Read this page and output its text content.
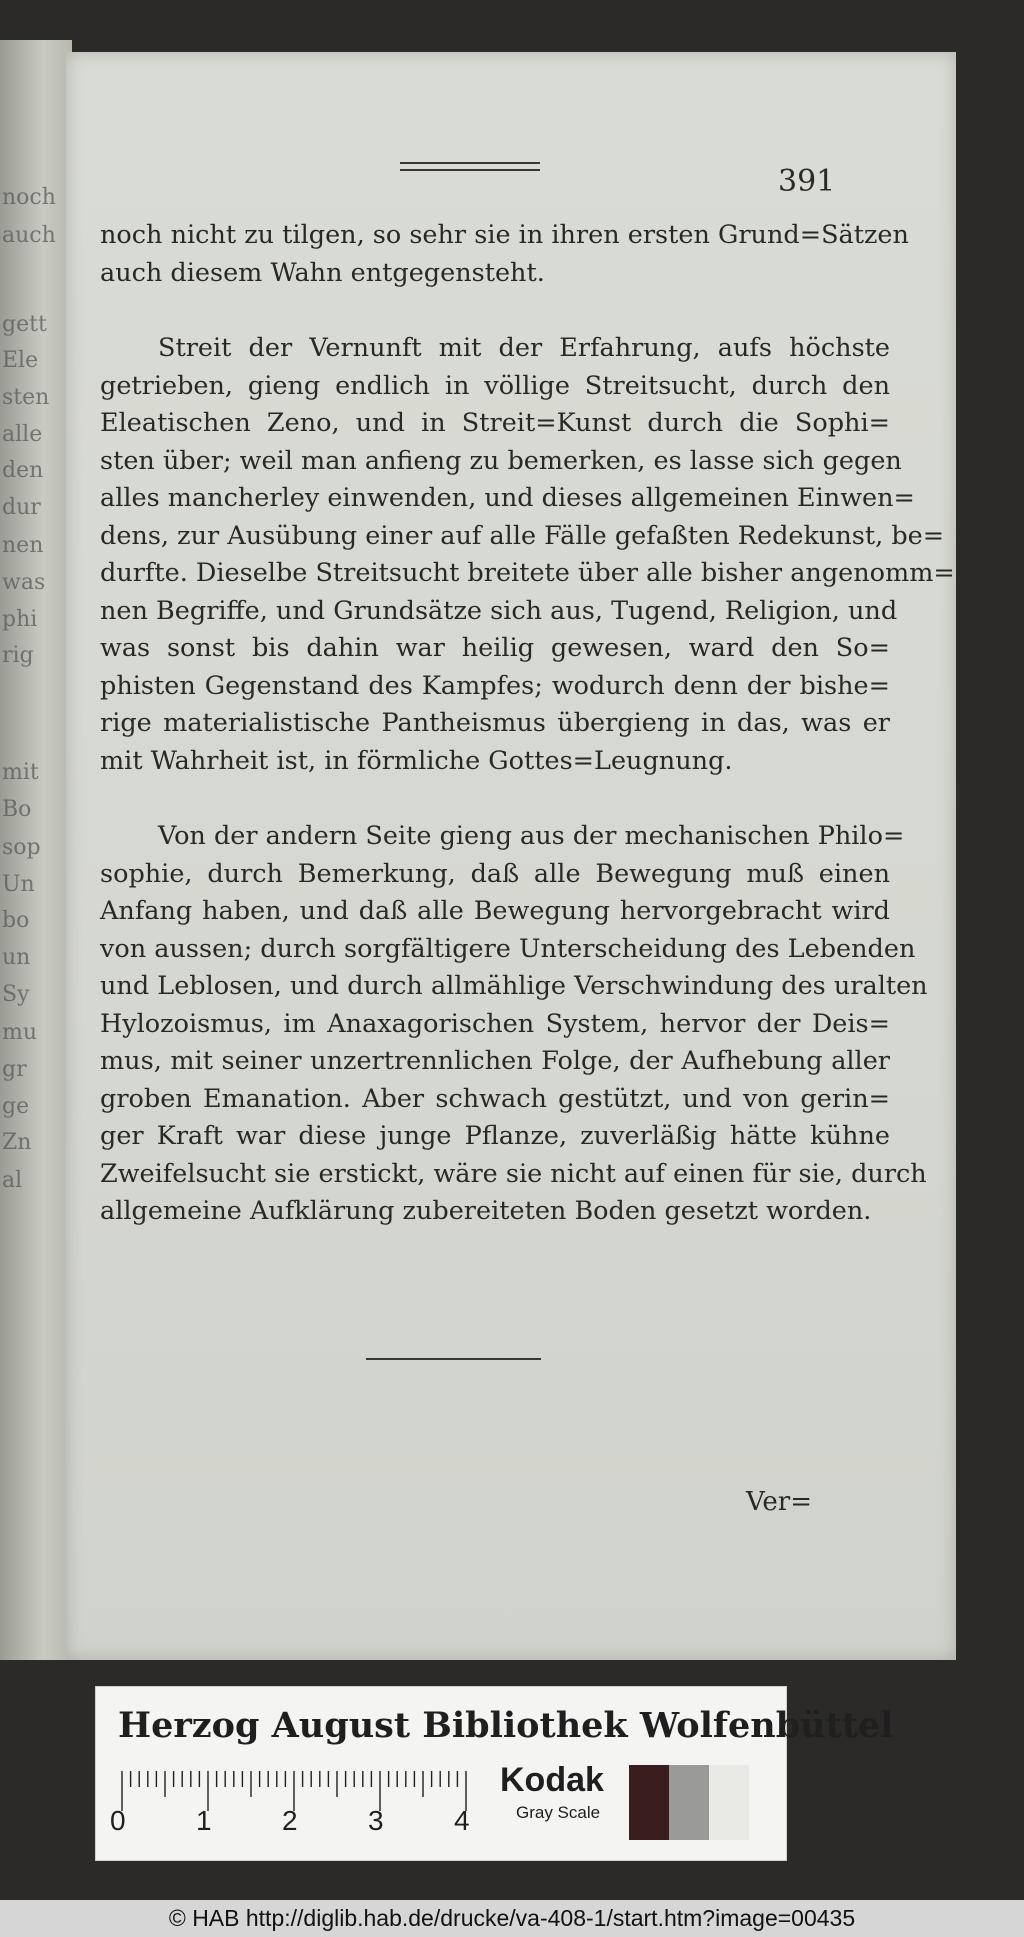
noch
auch
gett
Ele
sten
alle
den
dur
nen
was
phi
rig
mit
Bo
sop
Un
bo
un
Sy
mu
gr
ge
Zn
al
391
noch nicht zu tilgen, so sehr sie in ihren ersten Grund=Sätzen
auch diesem Wahn entgegensteht.
Streit der Vernunft mit der Erfahrung, aufs höchste
getrieben, gieng endlich in völlige Streitsucht, durch den
Eleatischen Zeno, und in Streit=Kunst durch die Sophi=
sten über; weil man anfieng zu bemerken, es lasse sich gegen
alles mancherley einwenden, und dieses allgemeinen Einwen=
dens, zur Ausübung einer auf alle Fälle gefaßten Redekunst, be=
durfte. Dieselbe Streitsucht breitete über alle bisher angenomm=
nen Begriffe, und Grundsätze sich aus, Tugend, Religion, und
was sonst bis dahin war heilig gewesen, ward den So=
phisten Gegenstand des Kampfes; wodurch denn der bishe=
rige materialistische Pantheismus übergieng in das, was er
mit Wahrheit ist, in förmliche Gottes=Leugnung.
Von der andern Seite gieng aus der mechanischen Philo=
sophie, durch Bemerkung, daß alle Bewegung muß einen
Anfang haben, und daß alle Bewegung hervorgebracht wird
von aussen; durch sorgfältigere Unterscheidung des Lebenden
und Leblosen, und durch allmählige Verschwindung des uralten
Hylozoismus, im Anaxagorischen System, hervor der Deis=
mus, mit seiner unzertrennlichen Folge, der Aufhebung aller
groben Emanation. Aber schwach gestützt, und von gerin=
ger Kraft war diese junge Pflanze, zuverläßig hätte kühne
Zweifelsucht sie erstickt, wäre sie nicht auf einen für sie, durch
allgemeine Aufklärung zubereiteten Boden gesetzt worden.
Ver=
Herzog August Bibliothek Wolfenbüttel
0	1	2	3	4
Kodak
Gray Scale
© HAB http://diglib.hab.de/drucke/va-408-1/start.htm?image=00435
